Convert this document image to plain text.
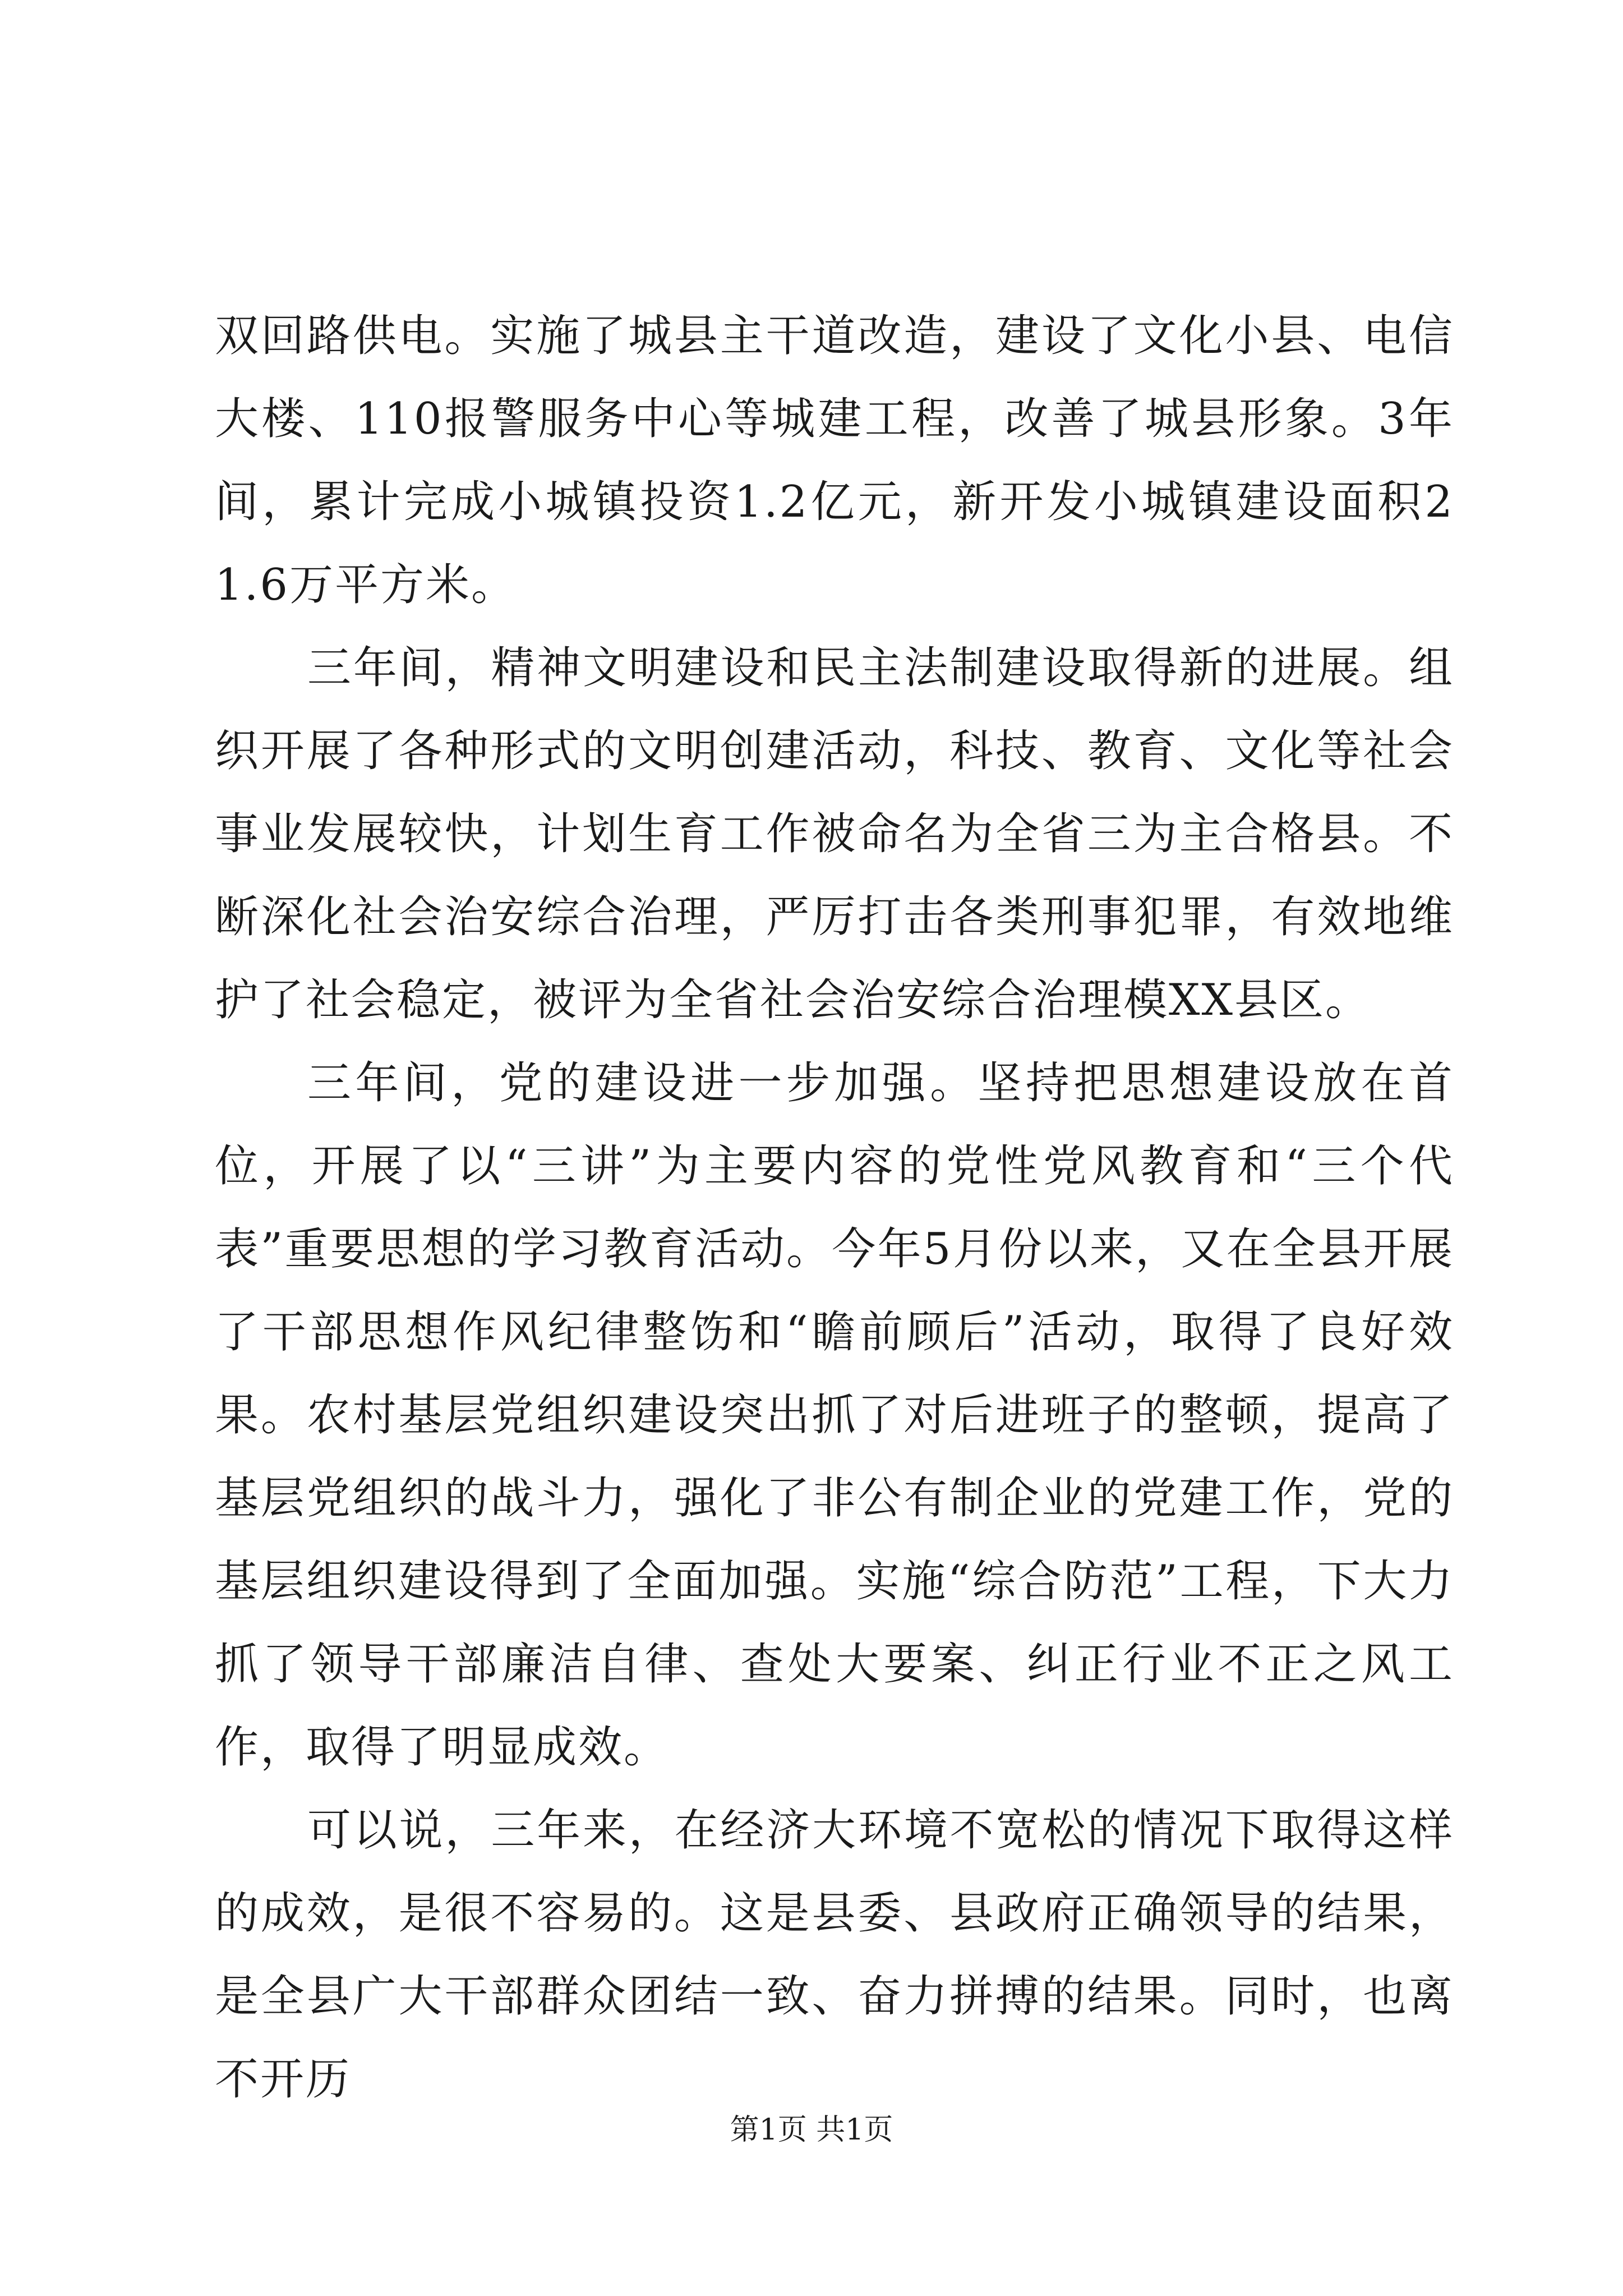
双回路供电。实施了城县主干道改造，建设了文化小县、电信大楼、110报警服务中心等城建工程，改善了城县形象。3年间，累计完成小城镇投资1.2亿元，新开发小城镇建设面积21.6万平方米。

三年间，精神文明建设和民主法制建设取得新的进展。组织开展了各种形式的文明创建活动，科技、教育、文化等社会事业发展较快，计划生育工作被命名为全省三为主合格县。不断深化社会治安综合治理，严厉打击各类刑事犯罪，有效地维护了社会稳定，被评为全省社会治安综合治理模XX县区。

三年间，党的建设进一步加强。坚持把思想建设放在首位，开展了以“三讲”为主要内容的党性党风教育和“三个代表”重要思想的学习教育活动。今年5月份以来，又在全县开展了干部思想作风纪律整饬和“瞻前顾后”活动，取得了良好效果。农村基层党组织建设突出抓了对后进班子的整顿，提高了基层党组织的战斗力，强化了非公有制企业的党建工作，党的基层组织建设得到了全面加强。实施“综合防范”工程，下大力抓了领导干部廉洁自律、查处大要案、纠正行业不正之风工作，取得了明显成效。

可以说，三年来，在经济大环境不宽松的情况下取得这样的成效，是很不容易的。这是县委、县政府正确领导的结果，是全县广大干部群众团结一致、奋力拼搏的结果。同时，也离不开历

第1页 共1页
